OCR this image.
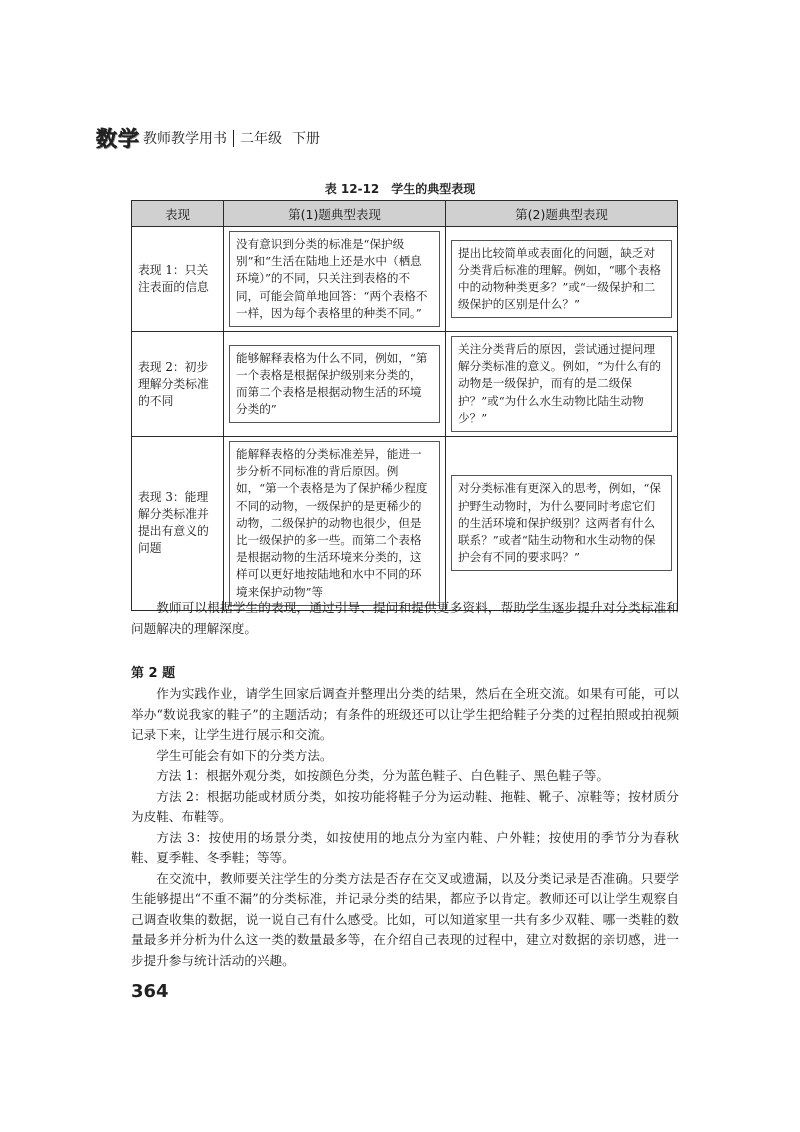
数学 教师教学用书 二年级 下册
表 12-12　学生的典型表现
表现	第(1)题典型表现	第(2)题典型表现
表现 1：只关注表面的信息	没有意识到分类的标准是“保护级别”和“生活在陆地上还是水中（栖息环境）”的不同，只关注到表格的不同，可能会简单地回答：“两个表格不一样，因为每个表格里的种类不同。”	提出比较简单或表面化的问题，缺乏对分类背后标准的理解。例如，“哪个表格中的动物种类更多？”或“一级保护和二级保护的区别是什么？”

表现 2：初步理解分类标准的不同	能够解释表格为什么不同，例如，“第一个表格是根据保护级别来分类的，而第二个表格是根据动物生活的环境分类的”	关注分类背后的原因，尝试通过提问理解分类标准的意义。例如，“为什么有的动物是一级保护，而有的是二级保护？”或“为什么水生动物比陆生动物少？”

表现 3：能理解分类标准并提出有意义的问题	能解释表格的分类标准差异，能进一步分析不同标准的背后原因。例如，“第一个表格是为了保护稀少程度不同的动物，一级保护的是更稀少的动物，二级保护的动物也很少，但是比一级保护的多一些。而第二个表格是根据动物的生活环境来分类的，这样可以更好地按陆地和水中不同的环境来保护动物”等	对分类标准有更深入的思考，例如，“保护野生动物时，为什么要同时考虑它们的生活环境和保护级别？这两者有什么联系？”或者“陆生动物和水生动物的保护会有不同的要求吗？”

教师可以根据学生的表现，通过引导、提问和提供更多资料，帮助学生逐步提升对分类标准和问题解决的理解深度。

第 2 题

作为实践作业，请学生回家后调查并整理出分类的结果，然后在全班交流。如果有可能，可以举办“数说我家的鞋子”的主题活动；有条件的班级还可以让学生把给鞋子分类的过程拍照或拍视频记录下来，让学生进行展示和交流。

学生可能会有如下的分类方法。

方法 1：根据外观分类，如按颜色分类，分为蓝色鞋子、白色鞋子、黑色鞋子等。

方法 2：根据功能或材质分类，如按功能将鞋子分为运动鞋、拖鞋、靴子、凉鞋等；按材质分为皮鞋、布鞋等。

方法 3：按使用的场景分类，如按使用的地点分为室内鞋、户外鞋；按使用的季节分为春秋鞋、夏季鞋、冬季鞋；等等。

在交流中，教师要关注学生的分类方法是否存在交叉或遗漏，以及分类记录是否准确。只要学生能够提出“不重不漏”的分类标准，并记录分类的结果，都应予以肯定。教师还可以让学生观察自己调查收集的数据，说一说自己有什么感受。比如，可以知道家里一共有多少双鞋、哪一类鞋的数量最多并分析为什么这一类的数量最多等，在介绍自己表现的过程中，建立对数据的亲切感，进一步提升参与统计活动的兴趣。

364
